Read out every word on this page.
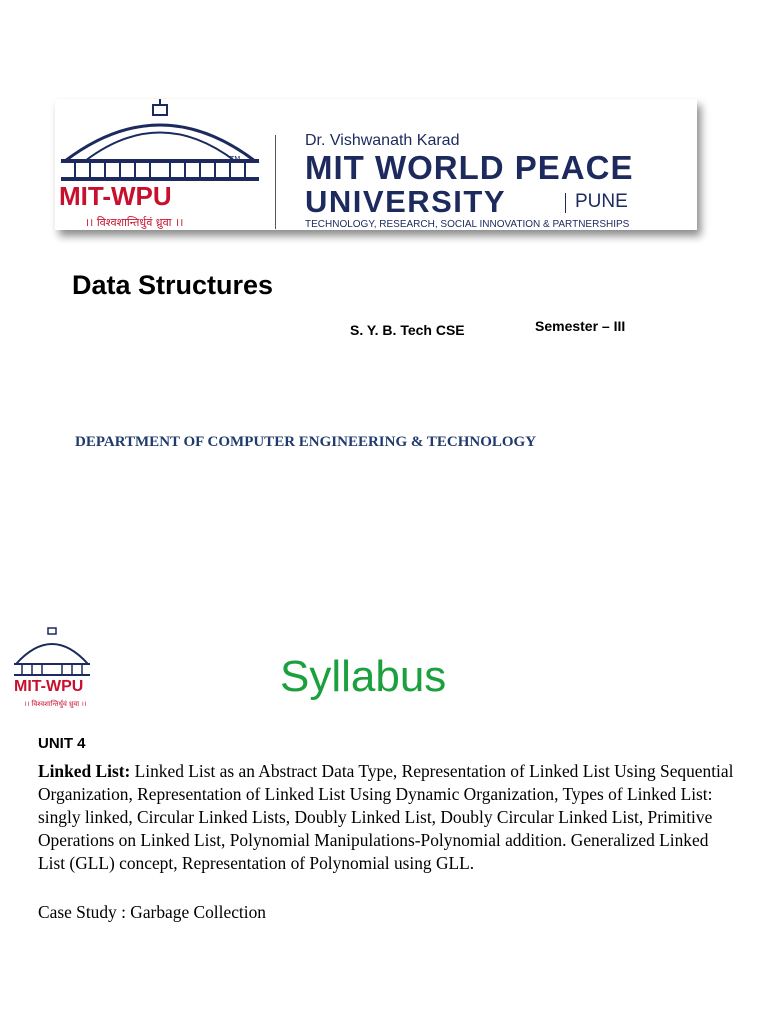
MIT-WPU
TM
।। विश्वशान्तिर्धुवं ध्रुवा ।।
Dr. Vishwanath Karad
MIT WORLD PEACE
UNIVERSITY	PUNE
TECHNOLOGY, RESEARCH, SOCIAL INNOVATION & PARTNERSHIPS
Data Structures
S. Y. B. Tech CSE	Semester – III
DEPARTMENT OF COMPUTER ENGINEERING & TECHNOLOGY
MIT-WPU
।। विश्वशान्तिर्धुवं ध्रुवा ।।
Syllabus
UNIT 4
Linked List: Linked List as an Abstract Data Type, Representation of Linked List Using Sequential Organization, Representation of Linked List Using Dynamic Organization, Types of Linked List: singly linked, Circular Linked Lists, Doubly Linked List, Doubly Circular Linked List, Primitive Operations on Linked List, Polynomial Manipulations-Polynomial addition. Generalized Linked List (GLL) concept, Representation of Polynomial using GLL.
Case Study : Garbage Collection
